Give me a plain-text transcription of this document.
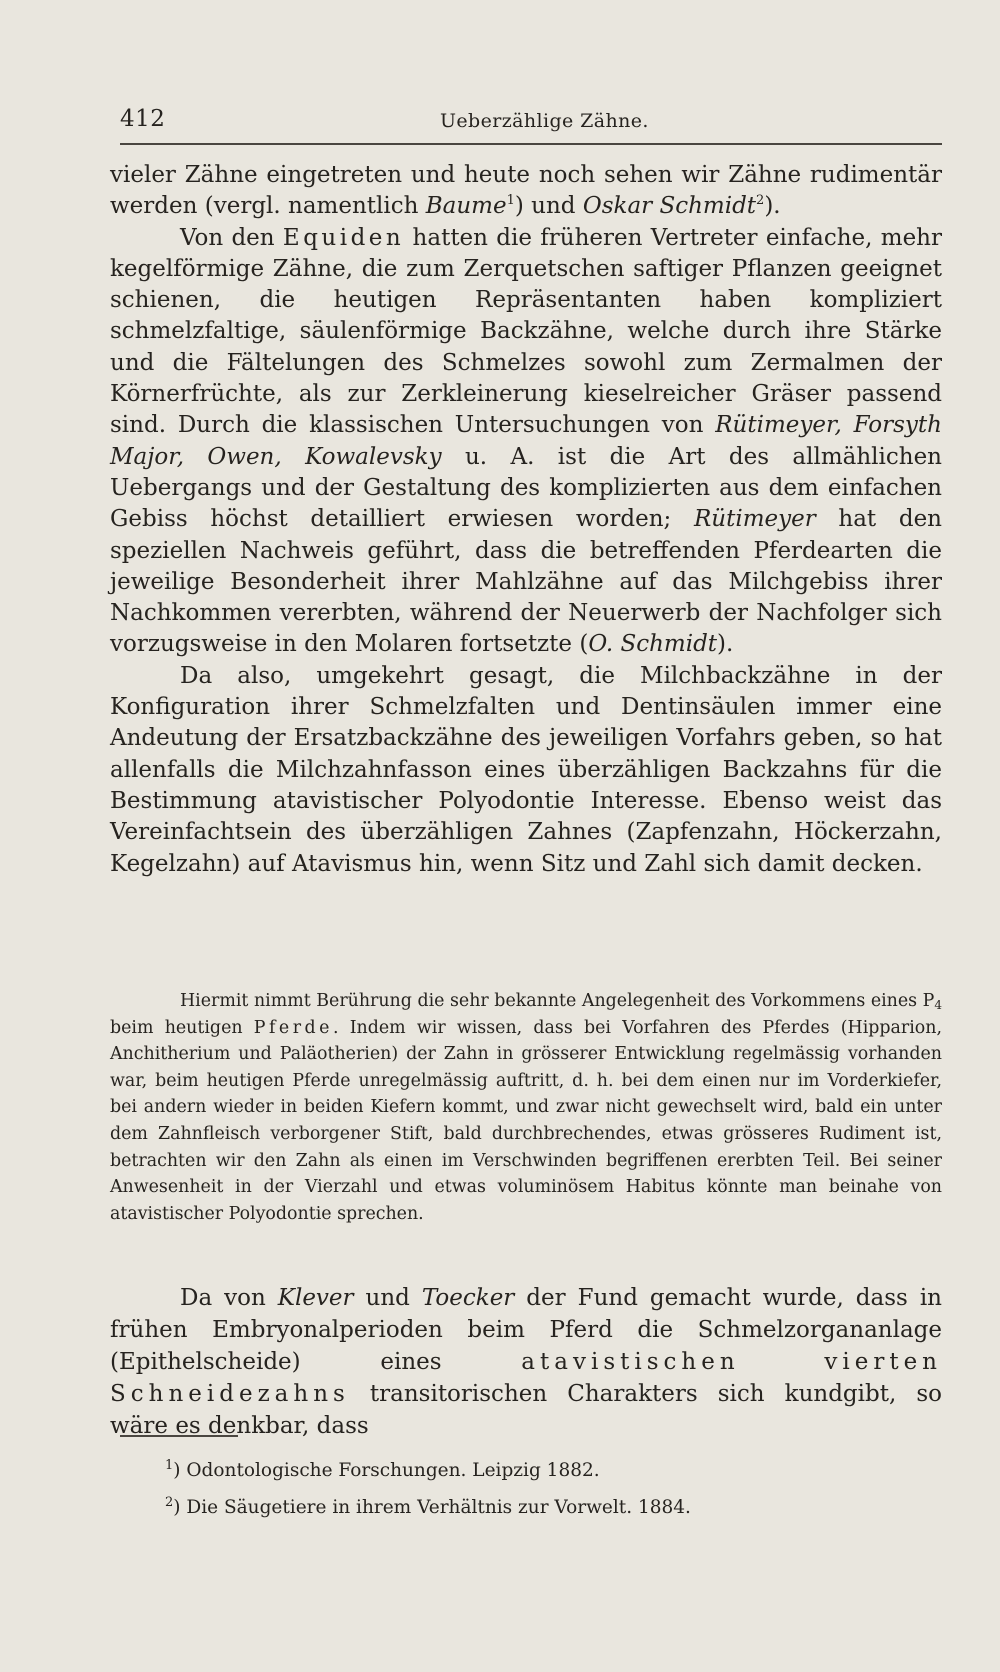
412	Ueberzählige Zähne.

vieler Zähne eingetreten und heute noch sehen wir Zähne rudimentär werden (vergl. namentlich Baume$^1$) und Oskar Schmidt$^2$).

Von den Equiden hatten die früheren Vertreter einfache, mehr kegelförmige Zähne, die zum Zerquetschen saftiger Pflanzen geeignet schienen, die heutigen Repräsentanten haben kompliziert schmelzfaltige, säulenförmige Backzähne, welche durch ihre Stärke und die Fältelungen des Schmelzes sowohl zum Zermalmen der Körnerfrüchte, als zur Zerkleinerung kieselreicher Gräser passend sind. Durch die klassischen Untersuchungen von Rütimeyer, Forsyth Major, Owen, Kowalevsky u. A. ist die Art des allmählichen Uebergangs und der Gestaltung des komplizierten aus dem einfachen Gebiss höchst detailliert erwiesen worden; Rütimeyer hat den speziellen Nachweis geführt, dass die betreffenden Pferdearten die jeweilige Besonderheit ihrer Mahlzähne auf das Milchgebiss ihrer Nachkommen vererbten, während der Neuerwerb der Nachfolger sich vorzugsweise in den Molaren fortsetzte (O. Schmidt).

Da also, umgekehrt gesagt, die Milchbackzähne in der Konfiguration ihrer Schmelzfalten und Dentinsäulen immer eine Andeutung der Ersatzbackzähne des jeweiligen Vorfahrs geben, so hat allenfalls die Milchzahnfasson eines überzähligen Backzahns für die Bestimmung atavistischer Polyodontie Interesse. Ebenso weist das Vereinfachtsein des überzähligen Zahnes (Zapfenzahn, Höckerzahn, Kegelzahn) auf Atavismus hin, wenn Sitz und Zahl sich damit decken.

Hiermit nimmt Berührung die sehr bekannte Angelegenheit des Vorkommens eines $P_4$ beim heutigen Pferde. Indem wir wissen, dass bei Vorfahren des Pferdes (Hipparion, Anchitherium und Paläotherien) der Zahn in grösserer Entwicklung regelmässig vorhanden war, beim heutigen Pferde unregelmässig auftritt, d. h. bei dem einen nur im Vorderkiefer, bei andern wieder in beiden Kiefern kommt, und zwar nicht gewechselt wird, bald ein unter dem Zahnfleisch verborgener Stift, bald durchbrechendes, etwas grösseres Rudiment ist, betrachten wir den Zahn als einen im Verschwinden begriffenen ererbten Teil. Bei seiner Anwesenheit in der Vierzahl und etwas voluminösem Habitus könnte man beinahe von atavistischer Polyodontie sprechen.

Da von Klever und Toecker der Fund gemacht wurde, dass in frühen Embryonalperioden beim Pferd die Schmelzorgananlage (Epithelscheide) eines atavistischen vierten Schneidezahns transitorischen Charakters sich kundgibt, so wäre es denkbar, dass

$^1$) Odontologische Forschungen. Leipzig 1882.
$^2$) Die Säugetiere in ihrem Verhältnis zur Vorwelt. 1884.
